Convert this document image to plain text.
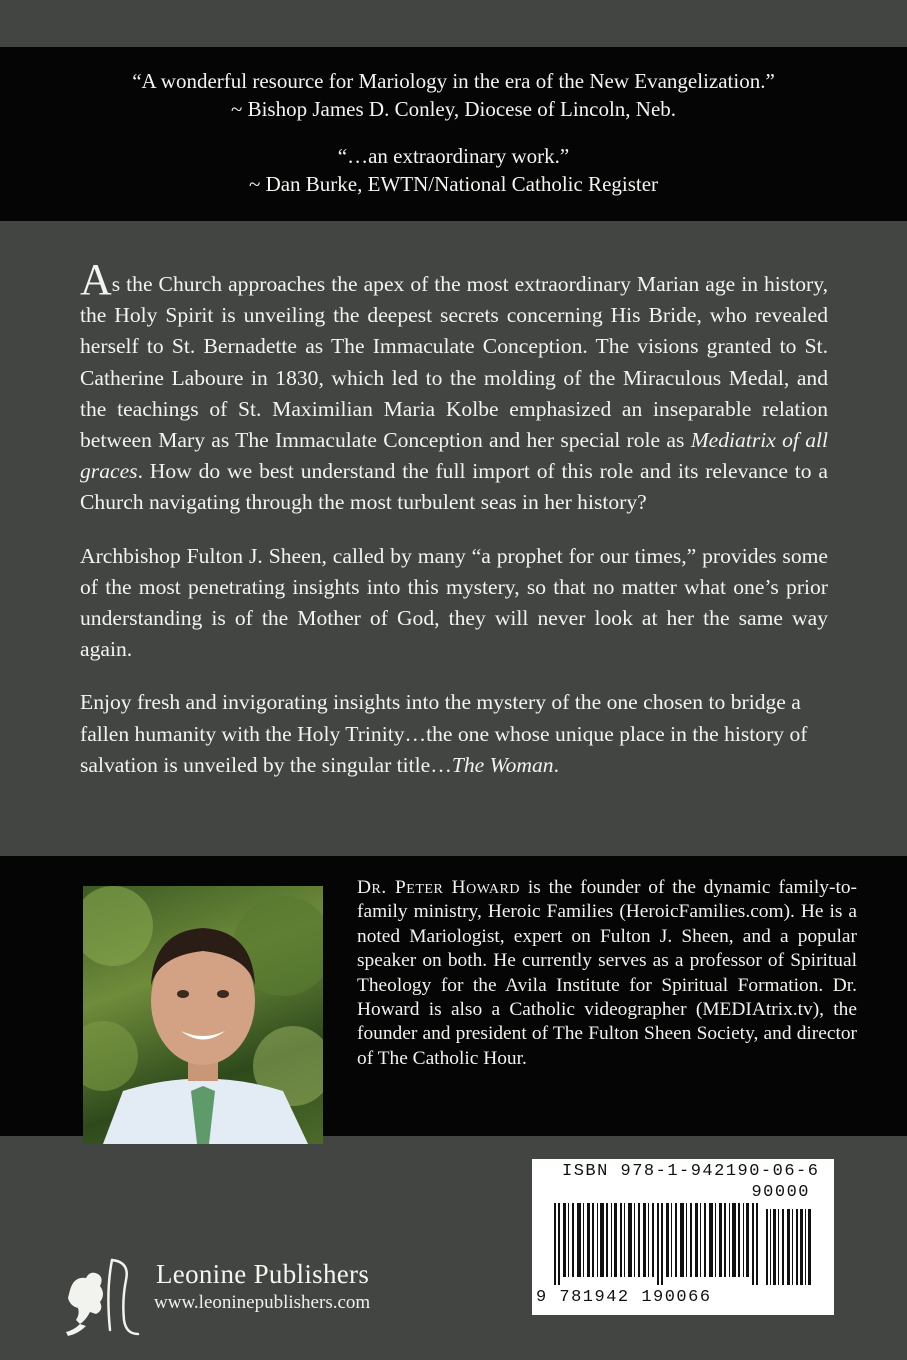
“A wonderful resource for Mariology in the era of the New Evangelization.”
~ Bishop James D. Conley, Diocese of Lincoln, Neb.
“…an extraordinary work.”
~ Dan Burke, EWTN/National Catholic Register

As the Church approaches the apex of the most extraordinary Marian age in history, the Holy Spirit is unveiling the deepest secrets concerning His Bride, who revealed herself to St. Bernadette as The Immaculate Conception. The visions granted to St. Catherine Laboure in 1830, which led to the molding of the Miraculous Medal, and the teachings of St. Maximilian Maria Kolbe emphasized an inseparable relation between Mary as The Immaculate Conception and her special role as Mediatrix of all graces. How do we best understand the full import of this role and its relevance to a Church navigating through the most turbulent seas in her history?

Archbishop Fulton J. Sheen, called by many “a prophet for our times,” provides some of the most penetrating insights into this mystery, so that no matter what one’s prior understanding is of the Mother of God, they will never look at her the same way again.

Enjoy fresh and invigorating insights into the mystery of the one chosen to bridge a fallen humanity with the Holy Trinity…the one whose unique place in the history of salvation is unveiled by the singular title…The Woman.

Dr. Peter Howard is the founder of the dynamic family-to-family ministry, Heroic Families (HeroicFamilies.com). He is a noted Mariologist, expert on Fulton J. Sheen, and a popular speaker on both. He currently serves as a professor of Spiritual Theology for the Avila Institute for Spiritual Formation. Dr. Howard is also a Catholic videographer (MEDIAtrix.tv), the founder and president of The Fulton Sheen Society, and director of The Catholic Hour.
ISBN 978-1-942190-06-6
90000
9 781942 190066
Leonine Publishers
www.leoninepublishers.com
